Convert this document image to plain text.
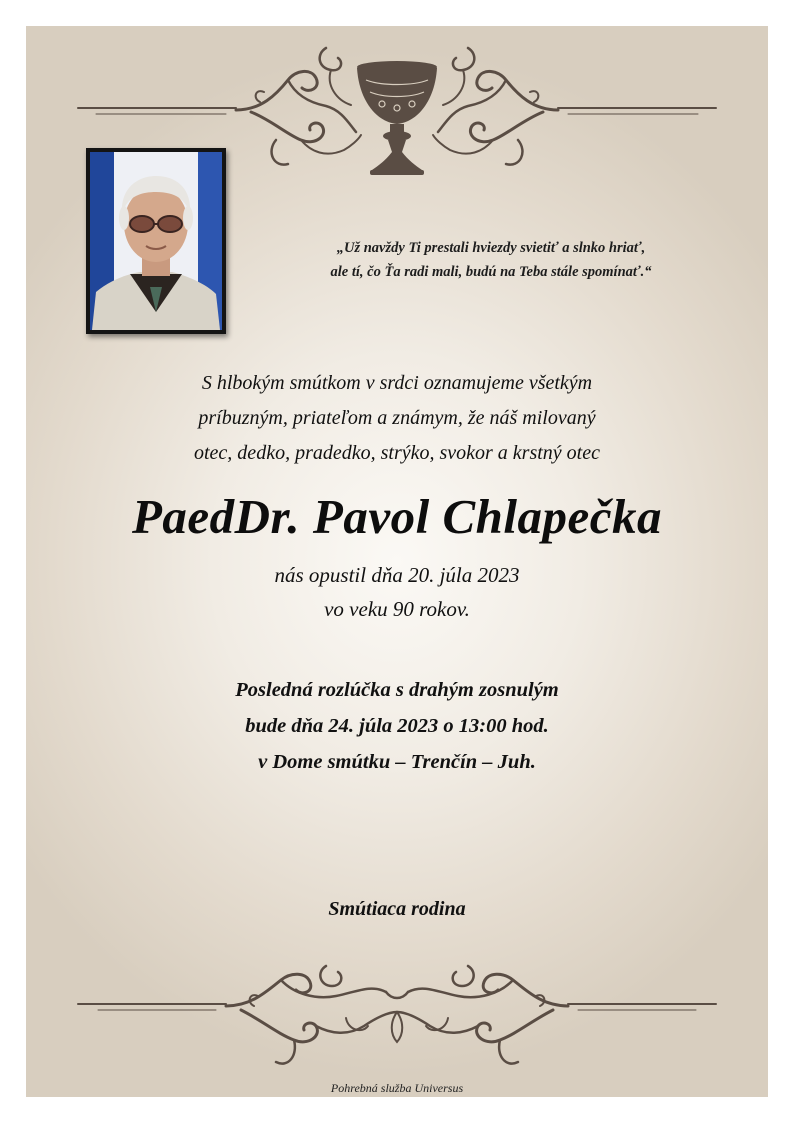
„Už navždy Ti prestali hviezdy svietiť a slnko hriať,
ale tí, čo Ťa radi mali, budú na Teba stále spomínať.“
S hlbokým smútkom v srdci oznamujeme všetkým
príbuzným, priateľom a známym, že náš milovaný
otec, dedko, pradedko, strýko, svokor a krstný otec
PaedDr. Pavol Chlapečka
nás opustil dňa 20. júla 2023
vo veku 90 rokov.
Posledná rozlúčka s drahým zosnulým
bude dňa 24. júla 2023 o 13:00 hod.
v Dome smútku – Trenčín – Juh.
Smútiaca rodina
Pohrebná služba Universus
